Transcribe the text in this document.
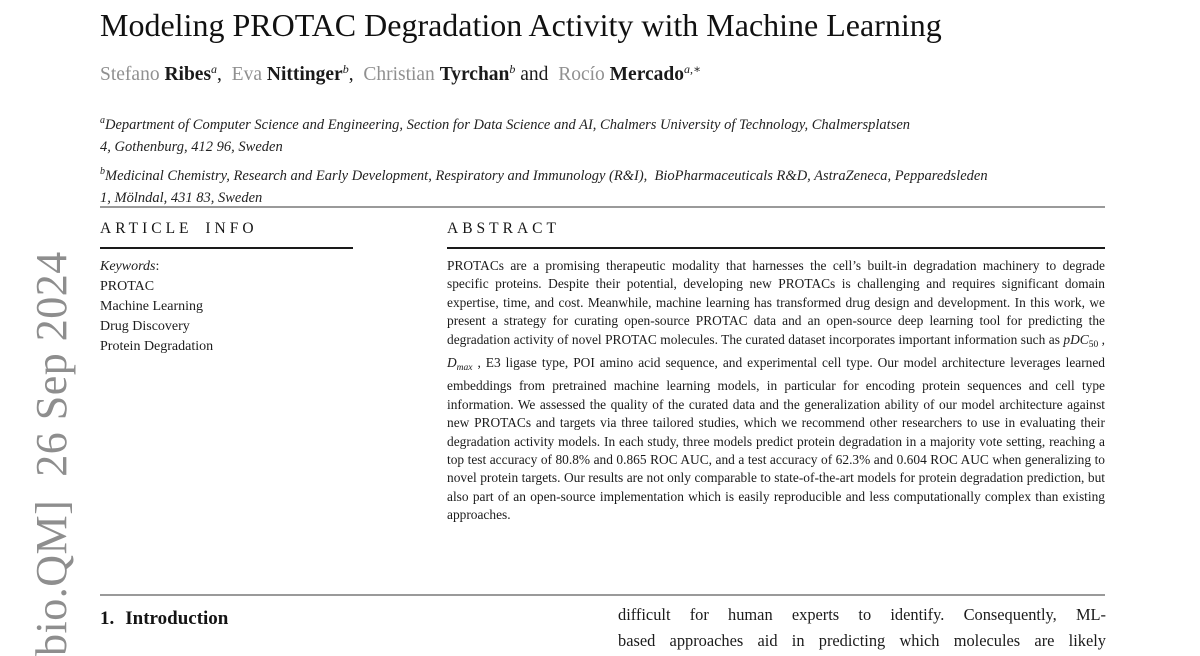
bio.QM]  26 Sep 2024
Modeling PROTAC Degradation Activity with Machine Learning
Stefano Ribes$^a$,  Eva Nittinger$^b$,  Christian Tyrchan$^b$ and  Rocío Mercado$^{a,∗}$
$^a$Department of Computer Science and Engineering, Section for Data Science and AI, Chalmers University of Technology, Chalmersplatsen
4, Gothenburg, 412 96, Sweden
$^b$Medicinal Chemistry, Research and Early Development, Respiratory and Immunology (R&I),  BioPharmaceuticals R&D, AstraZeneca, Pepparedsleden
1, Mölndal, 431 83, Sweden
ARTICLE INFO
Keywords:
PROTAC
Machine Learning
Drug Discovery
Protein Degradation
ABSTRACT
PROTACs are a promising therapeutic modality that harnesses the cell’s built-in degradation machinery to degrade specific proteins. Despite their potential, developing new PROTACs is challenging and requires significant domain expertise, time, and cost. Meanwhile, machine learning has transformed drug design and development. In this work, we present a strategy for curating open-source PROTAC data and an open-source deep learning tool for predicting the degradation activity of novel PROTAC molecules. The curated dataset incorporates important information such as pDC$_{50}$ , $D_{max}$ , E3 ligase type, POI amino acid sequence, and experimental cell type. Our model architecture leverages learned embeddings from pretrained machine learning models, in particular for encoding protein sequences and cell type information. We assessed the quality of the curated data and the generalization ability of our model architecture against new PROTACs and targets via three tailored studies, which we recommend other researchers to use in evaluating their degradation activity models. In each study, three models predict protein degradation in a majority vote setting, reaching a top test accuracy of 80.8% and 0.865 ROC AUC, and a test accuracy of 62.3% and 0.604 ROC AUC when generalizing to novel protein targets. Our results are not only comparable to state-of-the-art models for protein degradation prediction, but also part of an open-source implementation which is easily reproducible and less computationally complex than existing approaches.
1. Introduction	difficult for human experts to identify. Consequently, ML-
based approaches aid in predicting which molecules are likely
